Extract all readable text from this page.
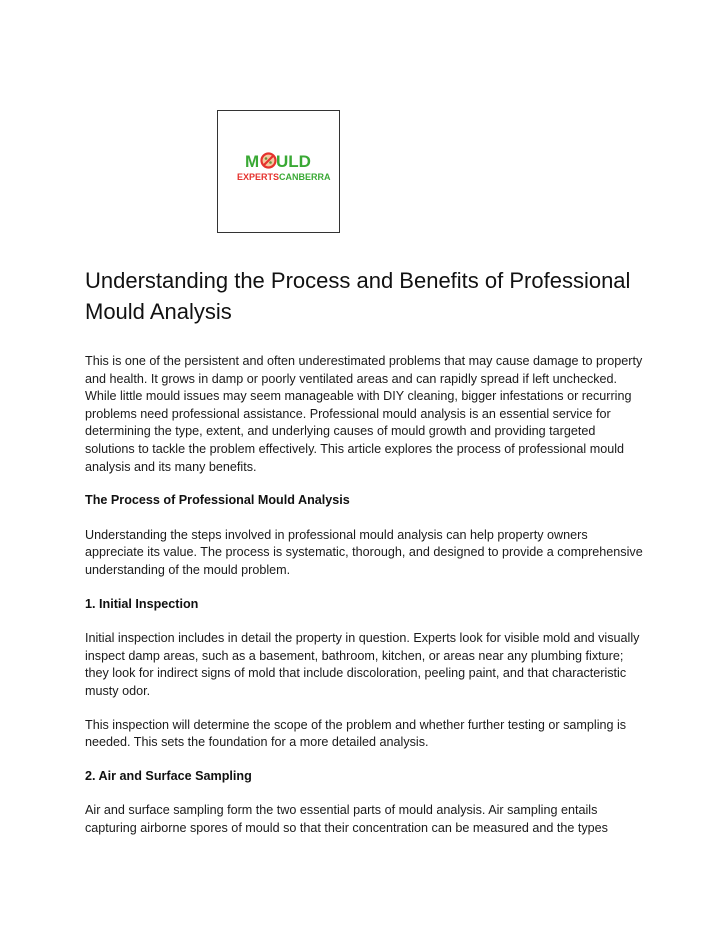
M ULD
EXPERTS CANBERRA
Understanding the Process and Benefits of Professional Mould Analysis

This is one of the persistent and often underestimated problems that may cause damage to property and health. It grows in damp or poorly ventilated areas and can rapidly spread if left unchecked. While little mould issues may seem manageable with DIY cleaning, bigger infestations or recurring problems need professional assistance. Professional mould analysis is an essential service for determining the type, extent, and underlying causes of mould growth and providing targeted solutions to tackle the problem effectively. This article explores the process of professional mould analysis and its many benefits.

The Process of Professional Mould Analysis

Understanding the steps involved in professional mould analysis can help property owners appreciate its value. The process is systematic, thorough, and designed to provide a comprehensive understanding of the mould problem.

1. Initial Inspection

Initial inspection includes in detail the property in question. Experts look for visible mold and visually inspect damp areas, such as a basement, bathroom, kitchen, or areas near any plumbing fixture; they look for indirect signs of mold that include discoloration, peeling paint, and that characteristic musty odor.

This inspection will determine the scope of the problem and whether further testing or sampling is needed. This sets the foundation for a more detailed analysis.

2. Air and Surface Sampling

Air and surface sampling form the two essential parts of mould analysis. Air sampling entails capturing airborne spores of mould so that their concentration can be measured and the types
